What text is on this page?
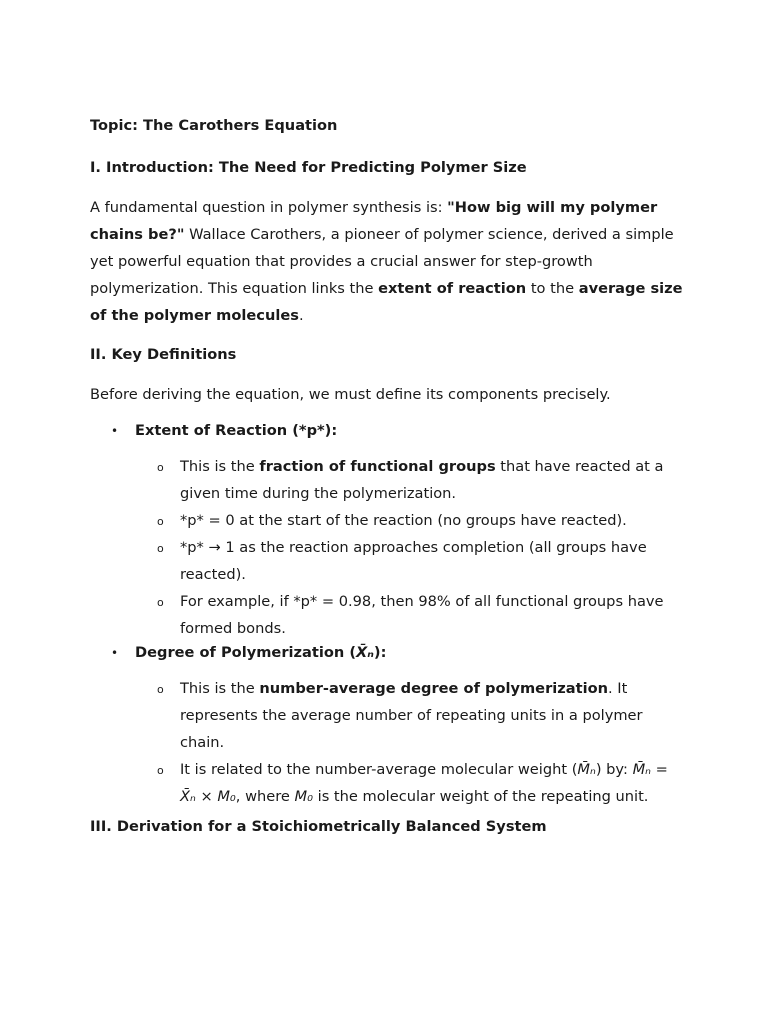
Topic: The Carothers Equation

I. Introduction: The Need for Predicting Polymer Size

A fundamental question in polymer synthesis is: "How big will my polymer chains be?" Wallace Carothers, a pioneer of polymer science, derived a simple yet powerful equation that provides a crucial answer for step-growth polymerization. This equation links the extent of reaction to the average size of the polymer molecules.

II. Key Definitions

Before deriving the equation, we must define its components precisely.

• Extent of Reaction (*p*):
o This is the fraction of functional groups that have reacted at a given time during the polymerization.
o *p* = 0 at the start of the reaction (no groups have reacted).
o *p* → 1 as the reaction approaches completion (all groups have reacted).
o For example, if *p* = 0.98, then 98% of all functional groups have formed bonds.
• Degree of Polymerization (X̄ₙ):
o This is the number-average degree of polymerization. It represents the average number of repeating units in a polymer chain.
o It is related to the number-average molecular weight (M̄ₙ) by: M̄ₙ = X̄ₙ × M₀, where M₀ is the molecular weight of the repeating unit.

III. Derivation for a Stoichiometrically Balanced System
